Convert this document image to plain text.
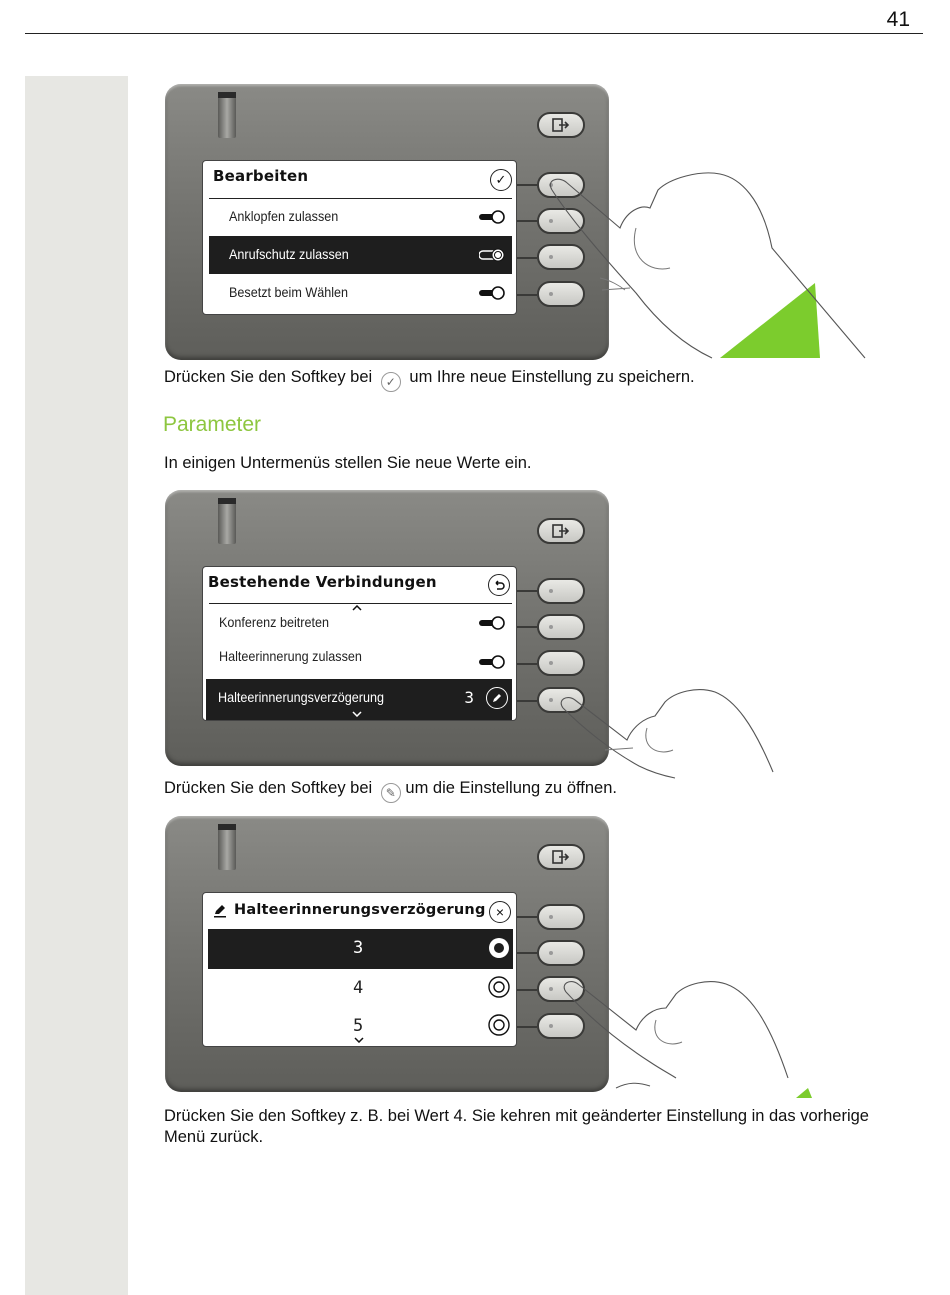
41
Bearbeiten	✓
Anklopfen zulassen
Anrufschutz zulassen
Besetzt beim Wählen
Drücken Sie den Softkey bei ✓ um Ihre neue Einstellung zu speichern.
Parameter
In einigen Untermenüs stellen Sie neue Werte ein.
Bestehende Verbindungen
Konferenz beitreten
Halteerinnerung zulassen
Halteerinnerungsverzögerung	3
Drücken Sie den Softkey bei ✎ um die Einstellung zu öffnen.
Halteerinnerungsverzögerung ×
3
4
5
Drücken Sie den Softkey z. B. bei Wert 4. Sie kehren mit geänderter Einstellung in das vorherige
Menü zurück.
